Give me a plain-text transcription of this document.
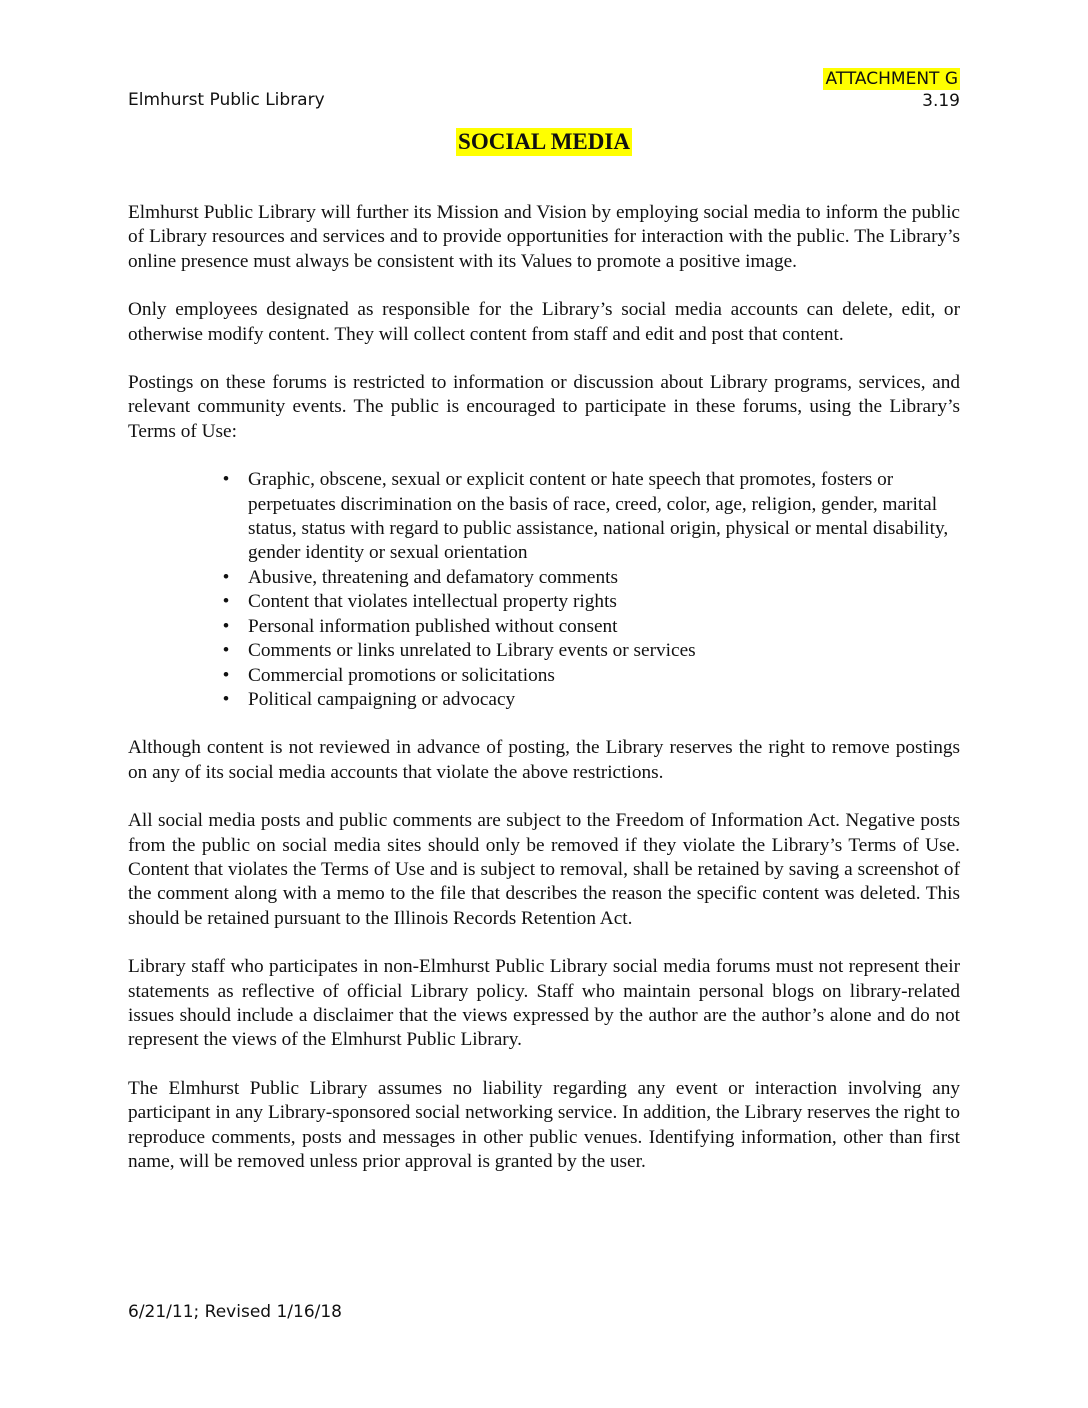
Elmhurst Public Library
ATTACHMENT G
3.19
SOCIAL MEDIA

Elmhurst Public Library will further its Mission and Vision by employing social media to inform the public of Library resources and services and to provide opportunities for interaction with the public. The Library’s online presence must always be consistent with its Values to promote a positive image.

Only employees designated as responsible for the Library’s social media accounts can delete, edit, or otherwise modify content. They will collect content from staff and edit and post that content.

Postings on these forums is restricted to information or discussion about Library programs, services, and relevant community events. The public is encouraged to participate in these forums, using the Library’s Terms of Use:

• Graphic, obscene, sexual or explicit content or hate speech that promotes, fosters or perpetuates discrimination on the basis of race, creed, color, age, religion, gender, marital status, status with regard to public assistance, national origin, physical or mental disability, gender identity or sexual orientation
• Abusive, threatening and defamatory comments
• Content that violates intellectual property rights
• Personal information published without consent
• Comments or links unrelated to Library events or services
• Commercial promotions or solicitations
• Political campaigning or advocacy

Although content is not reviewed in advance of posting, the Library reserves the right to remove postings on any of its social media accounts that violate the above restrictions.

All social media posts and public comments are subject to the Freedom of Information Act. Negative posts from the public on social media sites should only be removed if they violate the Library’s Terms of Use. Content that violates the Terms of Use and is subject to removal, shall be retained by saving a screenshot of the comment along with a memo to the file that describes the reason the specific content was deleted. This should be retained pursuant to the Illinois Records Retention Act.

Library staff who participates in non-Elmhurst Public Library social media forums must not represent their statements as reflective of official Library policy. Staff who maintain personal blogs on library-related issues should include a disclaimer that the views expressed by the author are the author’s alone and do not represent the views of the Elmhurst Public Library.

The Elmhurst Public Library assumes no liability regarding any event or interaction involving any participant in any Library-sponsored social networking service. In addition, the Library reserves the right to reproduce comments, posts and messages in other public venues. Identifying information, other than first name, will be removed unless prior approval is granted by the user.

6/21/11; Revised 1/16/18
